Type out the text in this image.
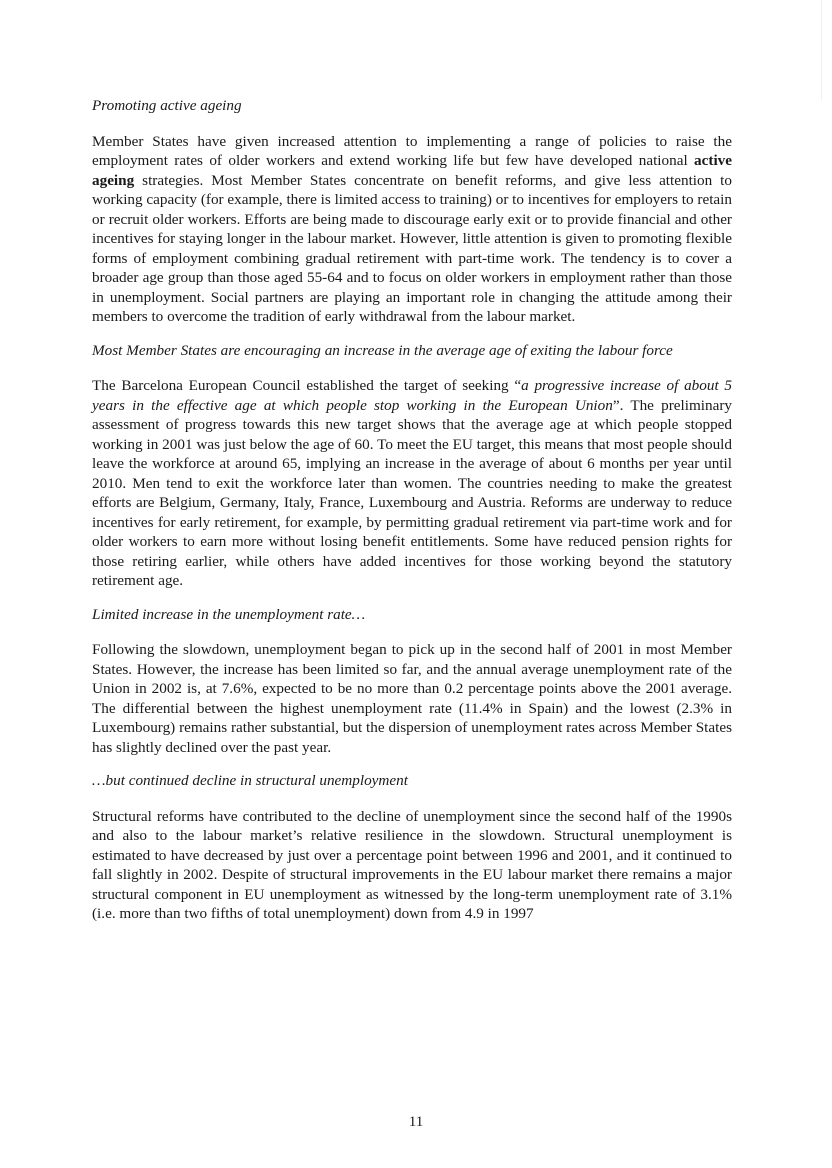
Promoting active ageing

Member States have given increased attention to implementing a range of policies to raise the employment rates of older workers and extend working life but few have developed national active ageing strategies. Most Member States concentrate on benefit reforms, and give less attention to working capacity (for example, there is limited access to training) or to incentives for employers to retain or recruit older workers. Efforts are being made to discourage early exit or to provide financial and other incentives for staying longer in the labour market. However, little attention is given to promoting flexible forms of employment combining gradual retirement with part-time work. The tendency is to cover a broader age group than those aged 55-64 and to focus on older workers in employment rather than those in unemployment. Social partners are playing an important role in changing the attitude among their members to overcome the tradition of early withdrawal from the labour market.

Most Member States are encouraging an increase in the average age of exiting the labour force

The Barcelona European Council established the target of seeking “a progressive increase of about 5 years in the effective age at which people stop working in the European Union”. The preliminary assessment of progress towards this new target shows that the average age at which people stopped working in 2001 was just below the age of 60. To meet the EU target, this means that most people should leave the workforce at around 65, implying an increase in the average of about 6 months per year until 2010. Men tend to exit the workforce later than women. The countries needing to make the greatest efforts are Belgium, Germany, Italy, France, Luxembourg and Austria. Reforms are underway to reduce incentives for early retirement, for example, by permitting gradual retirement via part-time work and for older workers to earn more without losing benefit entitlements. Some have reduced pension rights for those retiring earlier, while others have added incentives for those working beyond the statutory retirement age.

Limited increase in the unemployment rate…

Following the slowdown, unemployment began to pick up in the second half of 2001 in most Member States. However, the increase has been limited so far, and the annual average unemployment rate of the Union in 2002 is, at 7.6%, expected to be no more than 0.2 percentage points above the 2001 average. The differential between the highest unemployment rate (11.4% in Spain) and the lowest (2.3% in Luxembourg) remains rather substantial, but the dispersion of unemployment rates across Member States has slightly declined over the past year.

…but continued decline in structural unemployment

Structural reforms have contributed to the decline of unemployment since the second half of the 1990s and also to the labour market’s relative resilience in the slowdown. Structural unemployment is estimated to have decreased by just over a percentage point between 1996 and 2001, and it continued to fall slightly in 2002. Despite of structural improvements in the EU labour market there remains a major structural component in EU unemployment as witnessed by the long-term unemployment rate of 3.1% (i.e. more than two fifths of total unemployment) down from 4.9 in 1997

11
